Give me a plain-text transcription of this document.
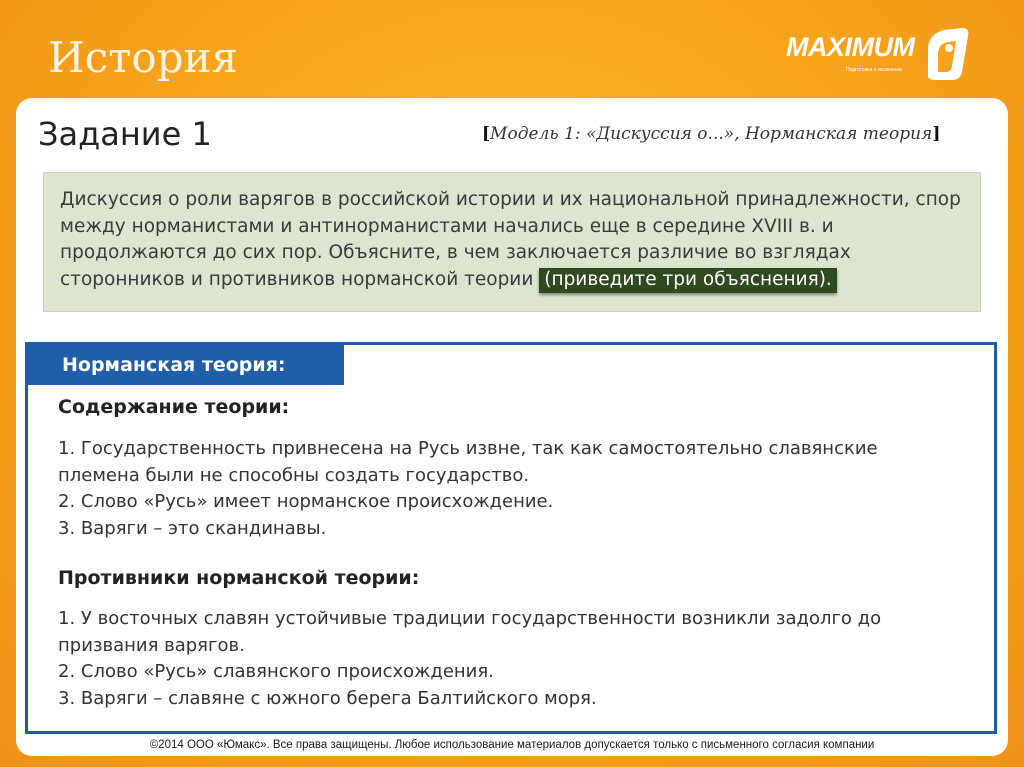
История	MAXIMUM
Подготовка к экзаменам
Задание 1	[Модель 1: «Дискуссия о...», Норманская теория]
Дискуссия о роли варягов в российской истории и их национальной принадлежности, спор между норманистами и антинорманистами начались еще в середине XVIII в. и продолжаются до сих пор. Объясните, в чем заключается различие во взглядах сторонников и противников норманской теории (приведите три объяснения).
Норманская теория:
Содержание теории:
1. Государственность привнесена на Русь извне, так как самостоятельно славянские племена были не способны создать государство.
2. Слово «Русь» имеет норманское происхождение.
3. Варяги – это скандинавы.
Противники норманской теории:
1. У восточных славян устойчивые традиции государственности возникли задолго до призвания варягов.
2. Слово «Русь» славянского происхождения.
3. Варяги – славяне с южного берега Балтийского моря.
©2014 ООО «Юмакс». Все права защищены. Любое использование материалов допускается только с письменного согласия компании
